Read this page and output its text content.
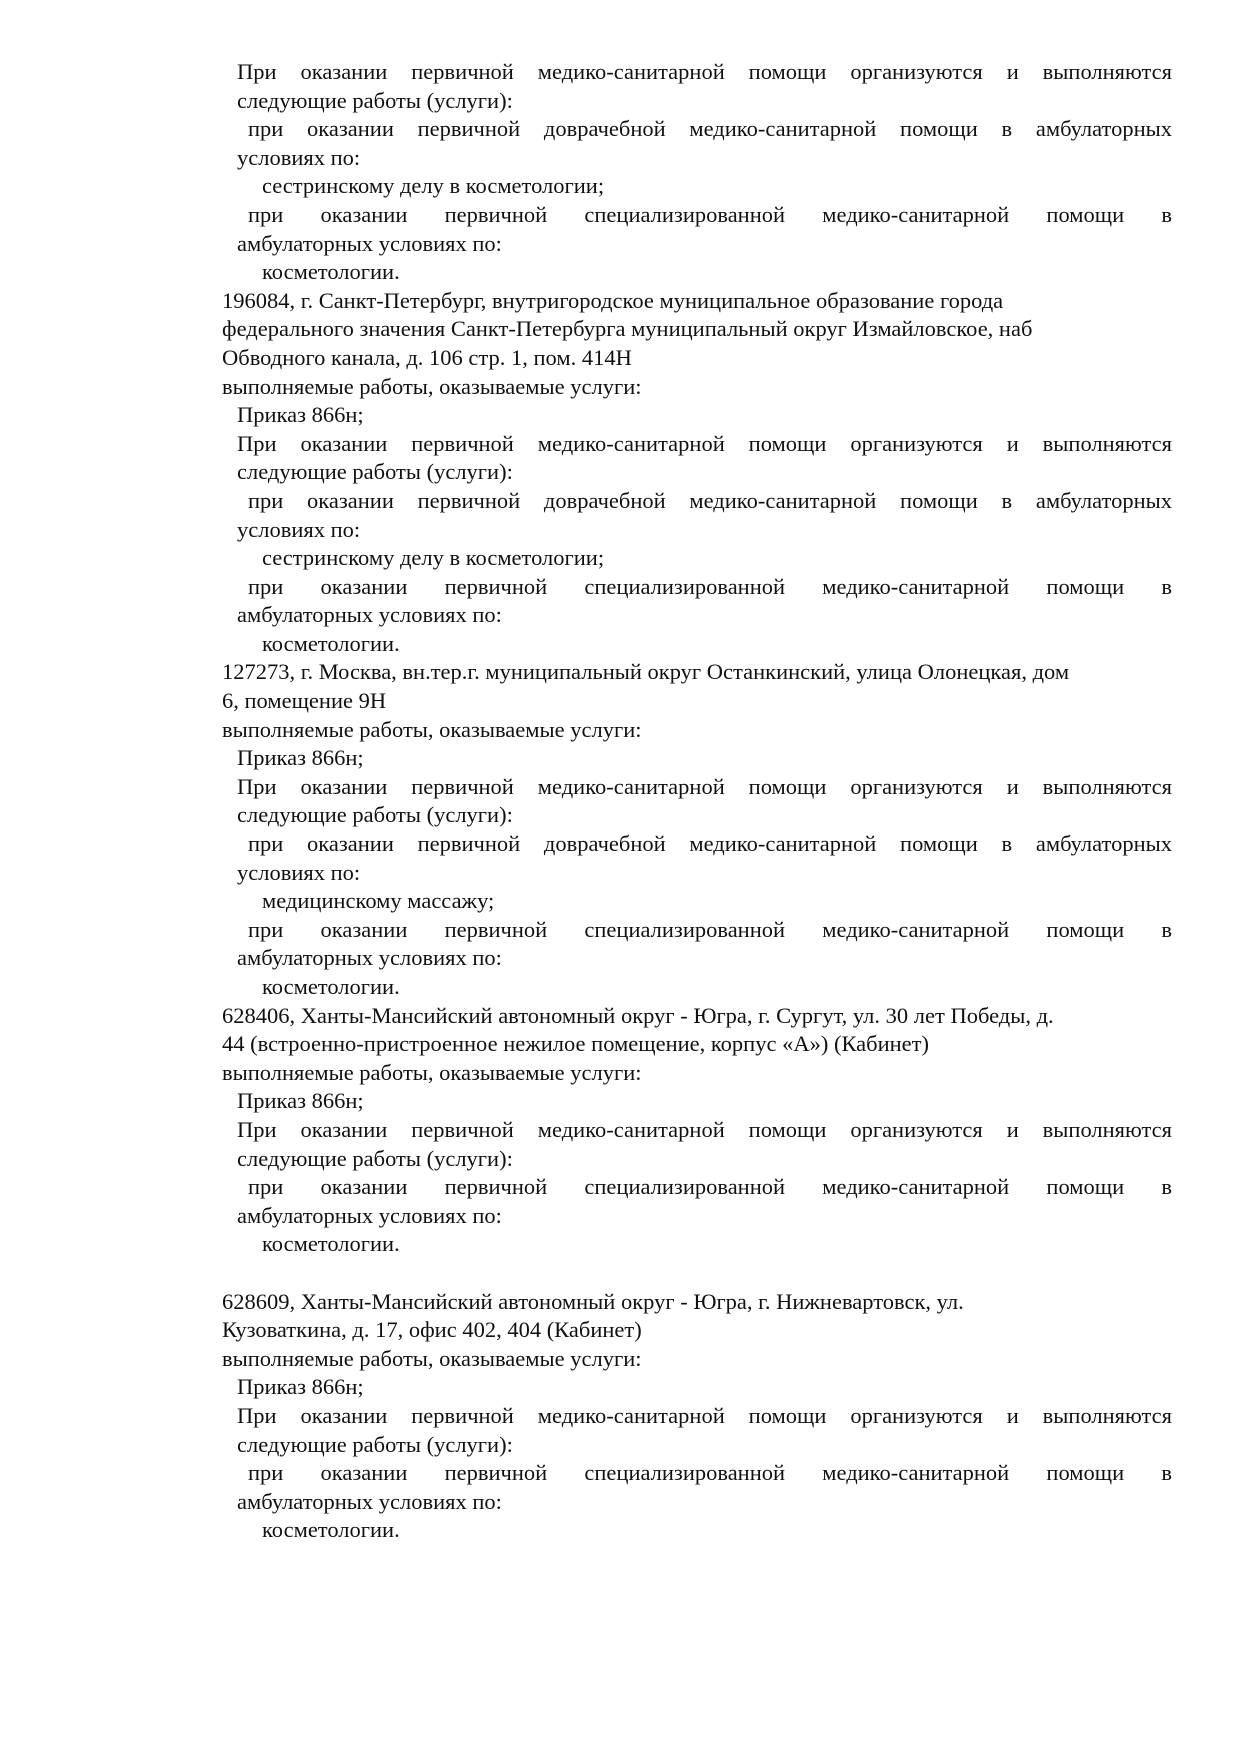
При оказании первичной медико-санитарной помощи организуются и выполняются
следующие работы (услуги):
при оказании первичной доврачебной медико-санитарной помощи в амбулаторных
условиях по:
сестринскому делу в косметологии;
при оказании первичной специализированной медико-санитарной помощи в
амбулаторных условиях по:
косметологии.
196084, г. Санкт-Петербург, внутригородское муниципальное образование города
федерального значения Санкт-Петербурга муниципальный округ Измайловское, наб
Обводного канала, д. 106 стр. 1, пом. 414Н
выполняемые работы, оказываемые услуги:
Приказ 866н;
При оказании первичной медико-санитарной помощи организуются и выполняются
следующие работы (услуги):
при оказании первичной доврачебной медико-санитарной помощи в амбулаторных
условиях по:
сестринскому делу в косметологии;
при оказании первичной специализированной медико-санитарной помощи в
амбулаторных условиях по:
косметологии.
127273, г. Москва, вн.тер.г. муниципальный округ Останкинский, улица Олонецкая, дом
6, помещение 9Н
выполняемые работы, оказываемые услуги:
Приказ 866н;
При оказании первичной медико-санитарной помощи организуются и выполняются
следующие работы (услуги):
при оказании первичной доврачебной медико-санитарной помощи в амбулаторных
условиях по:
медицинскому массажу;
при оказании первичной специализированной медико-санитарной помощи в
амбулаторных условиях по:
косметологии.
628406, Ханты-Мансийский автономный округ - Югра, г. Сургут, ул. 30 лет Победы, д.
44 (встроенно-пристроенное нежилое помещение, корпус «А») (Кабинет)
выполняемые работы, оказываемые услуги:
Приказ 866н;
При оказании первичной медико-санитарной помощи организуются и выполняются
следующие работы (услуги):
при оказании первичной специализированной медико-санитарной помощи в
амбулаторных условиях по:
косметологии.
628609, Ханты-Мансийский автономный округ - Югра, г. Нижневартовск, ул.
Кузоваткина, д. 17, офис 402, 404 (Кабинет)
выполняемые работы, оказываемые услуги:
Приказ 866н;
При оказании первичной медико-санитарной помощи организуются и выполняются
следующие работы (услуги):
при оказании первичной специализированной медико-санитарной помощи в
амбулаторных условиях по:
косметологии.
